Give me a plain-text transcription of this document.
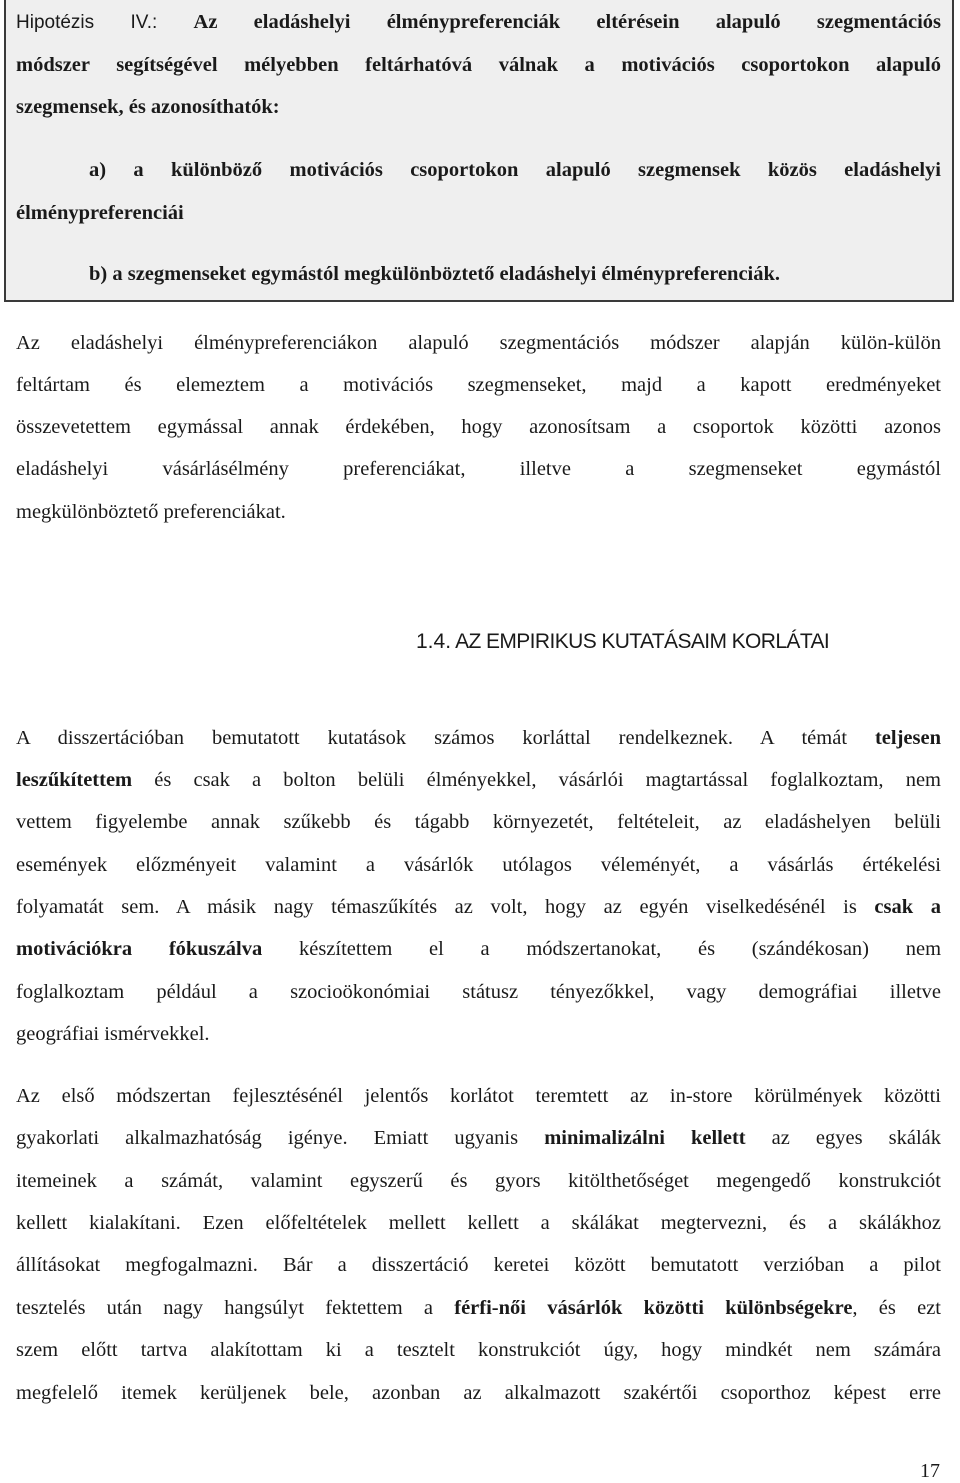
Hipotézis IV.: Az eladáshelyi élménypreferenciák eltérésein alapuló szegmentációs
módszer segítségével mélyebben feltárhatóvá válnak a motivációs csoportokon alapuló
szegmensek, és azonosíthatók:
a) a különböző motivációs csoportokon alapuló szegmensek közös eladáshelyi
élménypreferenciái
b) a szegmenseket egymástól megkülönböztető eladáshelyi élménypreferenciák.
Az eladáshelyi élménypreferenciákon alapuló szegmentációs módszer alapján külön-külön
feltártam és elemeztem a motivációs szegmenseket, majd a kapott eredményeket
összevetettem egymással annak érdekében, hogy azonosítsam a csoportok közötti azonos
eladáshelyi vásárlásélmény preferenciákat, illetve a szegmenseket egymástól
megkülönböztető preferenciákat.
1.4. AZ EMPIRIKUS KUTATÁSAIM KORLÁTAI
A disszertációban bemutatott kutatások számos korláttal rendelkeznek. A témát teljesen
leszűkítettem és csak a bolton belüli élményekkel, vásárlói magtartással foglalkoztam, nem
vettem figyelembe annak szűkebb és tágabb környezetét, feltételeit, az eladáshelyen belüli
események előzményeit valamint a vásárlók utólagos véleményét, a vásárlás értékelési
folyamatát sem. A másik nagy témaszűkítés az volt, hogy az egyén viselkedésénél is csak a
motivációkra fókuszálva készítettem el a módszertanokat, és (szándékosan) nem
foglalkoztam például a szocioökonómiai státusz tényezőkkel, vagy demográfiai illetve
geográfiai ismérvekkel.
Az első módszertan fejlesztésénél jelentős korlátot teremtett az in-store körülmények közötti
gyakorlati alkalmazhatóság igénye. Emiatt ugyanis minimalizálni kellett az egyes skálák
itemeinek a számát, valamint egyszerű és gyors kitölthetőséget megengedő konstrukciót
kellett kialakítani. Ezen előfeltételek mellett kellett a skálákat megtervezni, és a skálákhoz
állításokat megfogalmazni. Bár a disszertáció keretei között bemutatott verzióban a pilot
tesztelés után nagy hangsúlyt fektettem a férfi-női vásárlók közötti különbségekre, és ezt
szem előtt tartva alakítottam ki a tesztelt konstrukciót úgy, hogy mindkét nem számára
megfelelő itemek kerüljenek bele, azonban az alkalmazott szakértői csoporthoz képest erre
17
